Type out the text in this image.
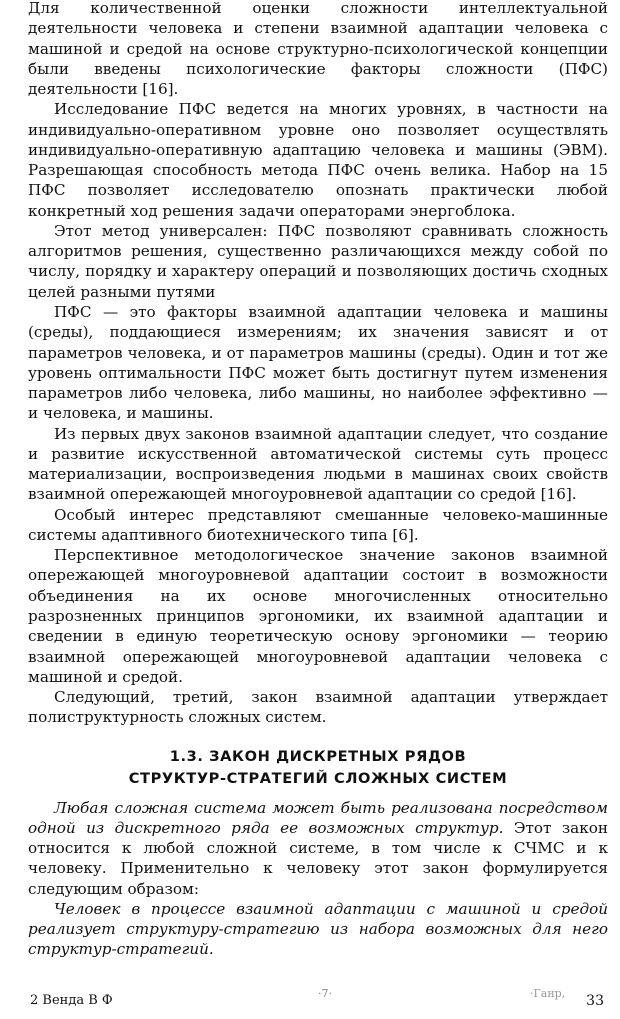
Для количественной оценки сложности интеллектуальной деятельности человека и степени взаимной адаптации человека с машиной и средой на основе структурно-психологической концепции были введены психологические факторы сложности (ПФС) деятельности [16].

Исследование ПФС ведется на многих уровнях, в частности на индивидуально-оперативном уровне оно позволяет осуществлять индивидуально-оперативную адаптацию человека и машины (ЭВМ). Разрешающая способность метода ПФС очень велика. Набор на 15 ПФС позволяет исследователю опознать практически любой конкретный ход решения задачи операторами энергоблока.

Этот метод универсален: ПФС позволяют сравнивать сложность алгоритмов решения, существенно различающихся между собой по числу, порядку и характеру операций и позволяющих достичь сходных целей разными путями

ПФС — это факторы взаимной адаптации человека и машины (среды), поддающиеся измерениям; их значения зависят и от параметров человека, и от параметров машины (среды). Один и тот же уровень оптимальности ПФС может быть достигнут путем изменения параметров либо человека, либо машины, но наиболее эффективно — и человека, и машины.

Из первых двух законов взаимной адаптации следует, что создание и развитие искусственной автоматической системы суть процесс материализации, воспроизведения людьми в машинах своих свойств взаимной опережающей многоуровневой адаптации со средой [16].

Особый интерес представляют смешанные человеко-машинные системы адаптивного биотехнического типа [6].

Перспективное методологическое значение законов взаимной опережающей многоуровневой адаптации состоит в возможности объединения на их основе многочисленных относительно разрозненных принципов эргономики, их взаимной адаптации и сведении в единую теоретическую основу эргономики — теорию взаимной опережающей многоуровневой адаптации человека с машиной и средой.

Следующий, третий, закон взаимной адаптации утверждает полиструктурность сложных систем.

1.3. ЗАКОН ДИСКРЕТНЫХ РЯДОВ
СТРУКТУР-СТРАТЕГИЙ СЛОЖНЫХ СИСТЕМ

Любая сложная система может быть реализована посредством одной из дискретного ряда ее возможных структур. Этот закон относится к любой сложной системе, в том числе к СЧМС и к человеку. Применительно к человеку этот закон формулируется следующим образом:

Человек в процессе взаимной адаптации с машиной и средой реализует структуру-стратегию из набора возможных для него структур-стратегий.

2 Венда В Ф	·7·	·Ганр, 33
